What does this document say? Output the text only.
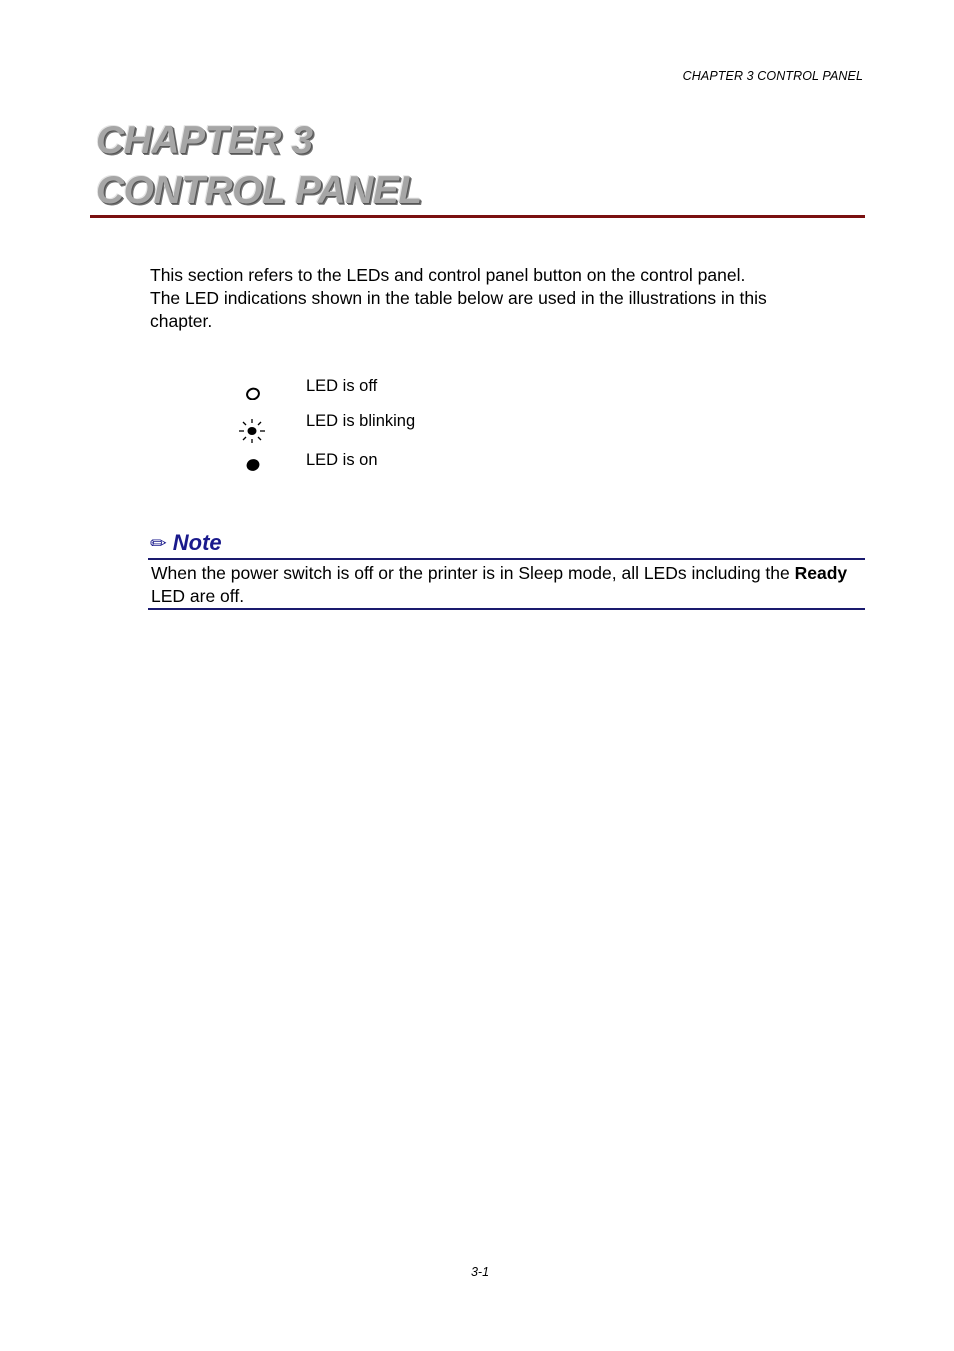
CHAPTER 3 CONTROL PANEL
CHAPTER 3
CONTROL PANEL

This section refers to the LEDs and control panel button on the control panel.
The LED indications shown in the table below are used in the illustrations in this
chapter.

LED is off
LED is blinking
LED is on
✏ Note

When the power switch is off or the printer is in Sleep mode, all LEDs including the Ready LED are off.

3-1
